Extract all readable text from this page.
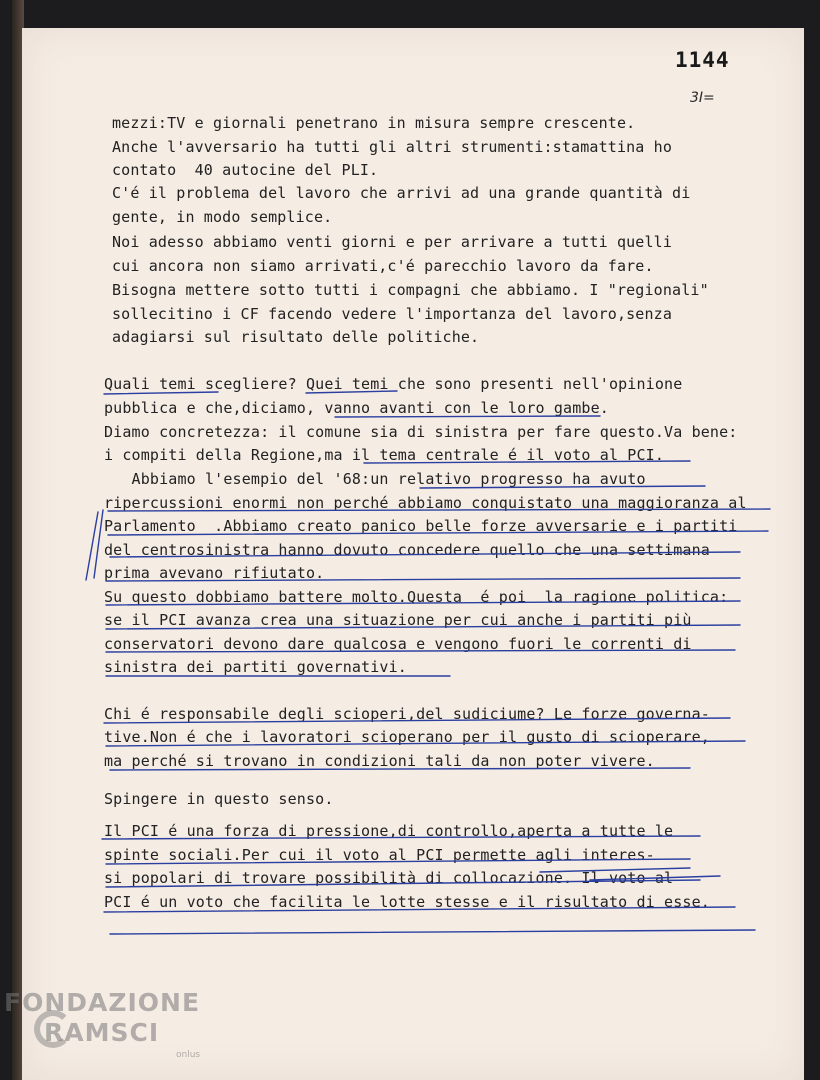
1144
3I=
mezzi:TV e giornali penetrano in misura sempre crescente.
Anche l'avversario ha tutti gli altri strumenti:stamattina ho
contato  40 autocine del PLI.
C'é il problema del lavoro che arrivi ad una grande quantità di
gente, in modo semplice.
Noi adesso abbiamo venti giorni e per arrivare a tutti quelli
cui ancora non siamo arrivati,c'é parecchio lavoro da fare.
Bisogna mettere sotto tutti i compagni che abbiamo. I "regionali"
sollecitino i CF facendo vedere l'importanza del lavoro,senza
adagiarsi sul risultato delle politiche.
Quali temi scegliere? Quei temi che sono presenti nell'opinione
pubblica e che,diciamo, vanno avanti con le loro gambe.
Diamo concretezza: il comune sia di sinistra per fare questo.Va bene:
i compiti della Regione,ma il tema centrale é il voto al PCI.
Abbiamo l'esempio del '68:un relativo progresso ha avuto
ripercussioni enormi non perché abbiamo conquistato una maggioranza al
Parlamento  .Abbiamo creato panico belle forze avversarie e i partiti
del centrosinistra hanno dovuto concedere quello che una settimana
prima avevano rifiutato.
Su questo dobbiamo battere molto.Questa  é poi  la ragione politica:
se il PCI avanza crea una situazione per cui anche i partiti più
conservatori devono dare qualcosa e vengono fuori le correnti di
sinistra dei partiti governativi.
Chi é responsabile degli scioperi,del sudiciume? Le forze governa-
tive.Non é che i lavoratori scioperano per il gusto di scioperare,
ma perché si trovano in condizioni tali da non poter vivere.
Spingere in questo senso.
Il PCI é una forza di pressione,di controllo,aperta a tutte le
spinte sociali.Per cui il voto al PCI permette agli interes-
si popolari di trovare possibilità di collocazione. Il voto al
PCI é un voto che facilita le lotte stesse e il risultato di esse.
FONDAZIONE
RAMSCI
onlus
